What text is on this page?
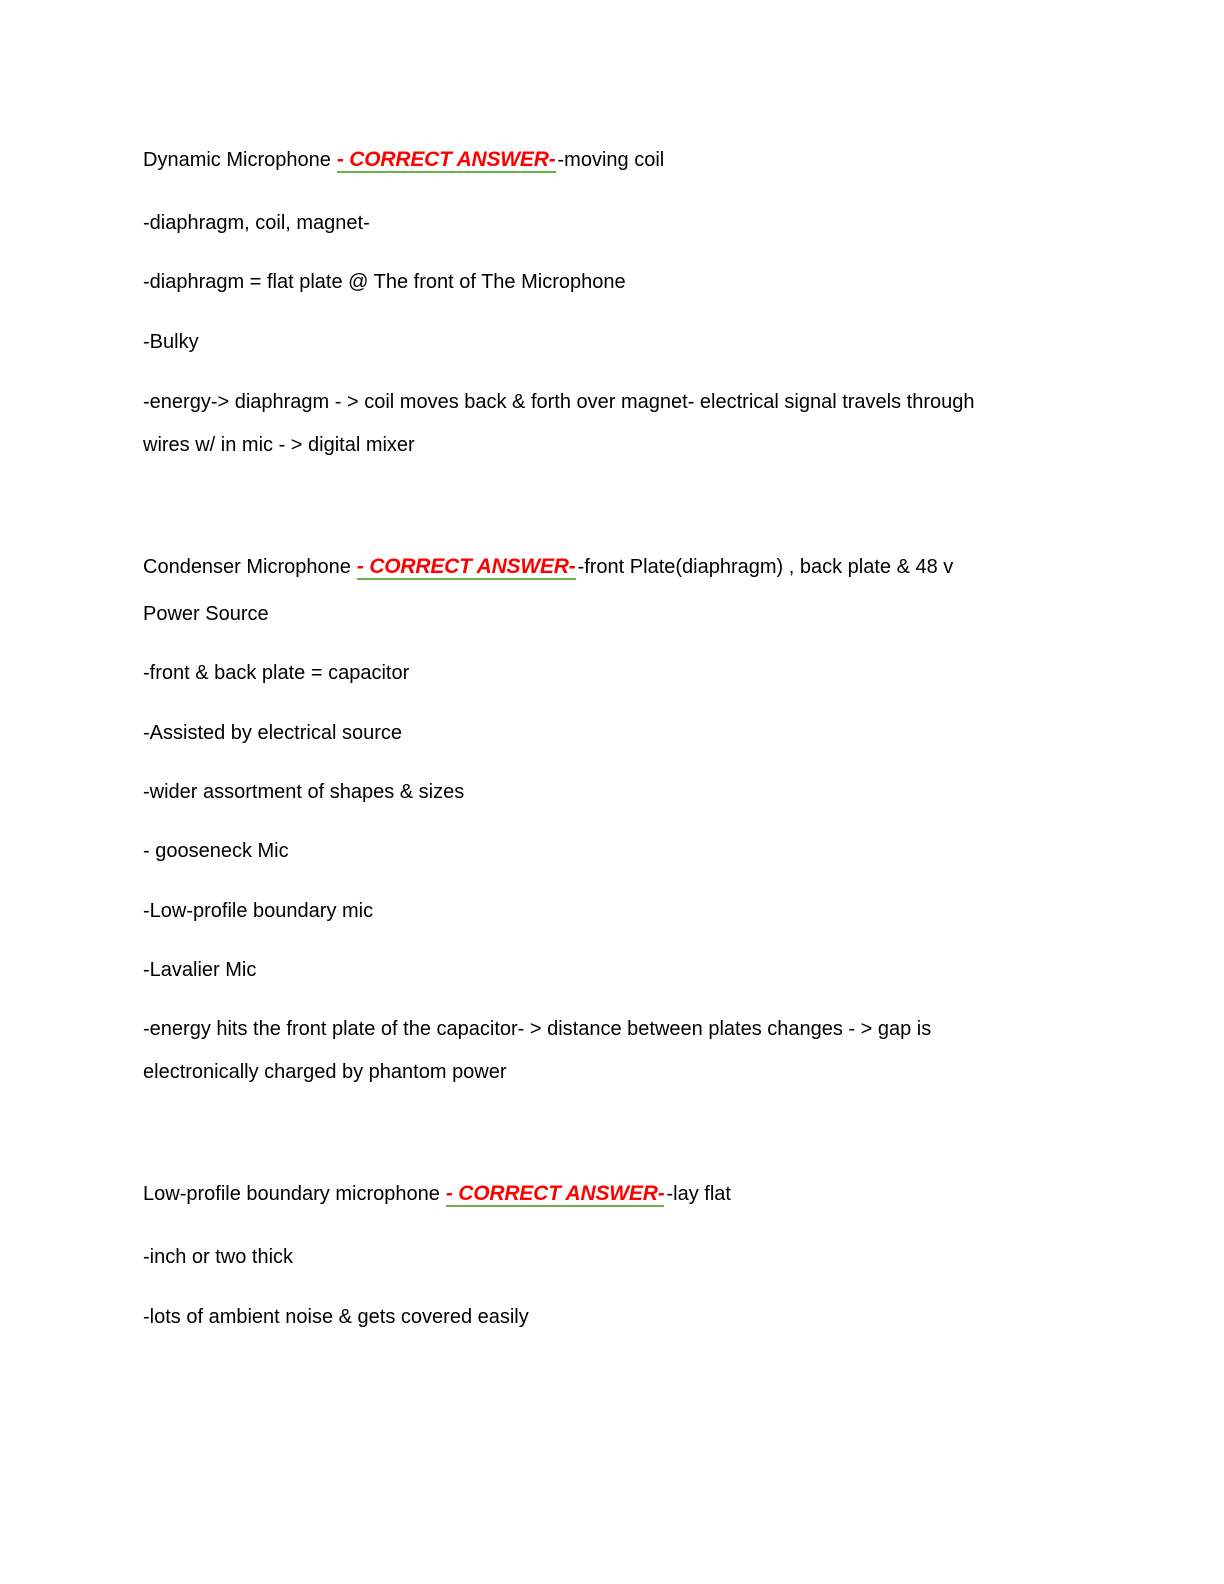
Dynamic Microphone - CORRECT ANSWER- -moving coil
-diaphragm, coil, magnet-
-diaphragm = flat plate @ The front of The Microphone
-Bulky
-energy-> diaphragm - > coil moves back & forth over magnet- electrical signal travels through
wires w/ in mic - > digital mixer
Condenser Microphone - CORRECT ANSWER- -front Plate(diaphragm) , back plate & 48 v
Power Source
-front & back plate = capacitor
-Assisted by electrical source
-wider assortment of shapes & sizes
- gooseneck Mic
-Low-profile boundary mic
-Lavalier Mic
-energy hits the front plate of the capacitor- > distance between plates changes - > gap is
electronically charged by phantom power
Low-profile boundary microphone - CORRECT ANSWER- -lay flat
-inch or two thick
-lots of ambient noise & gets covered easily
